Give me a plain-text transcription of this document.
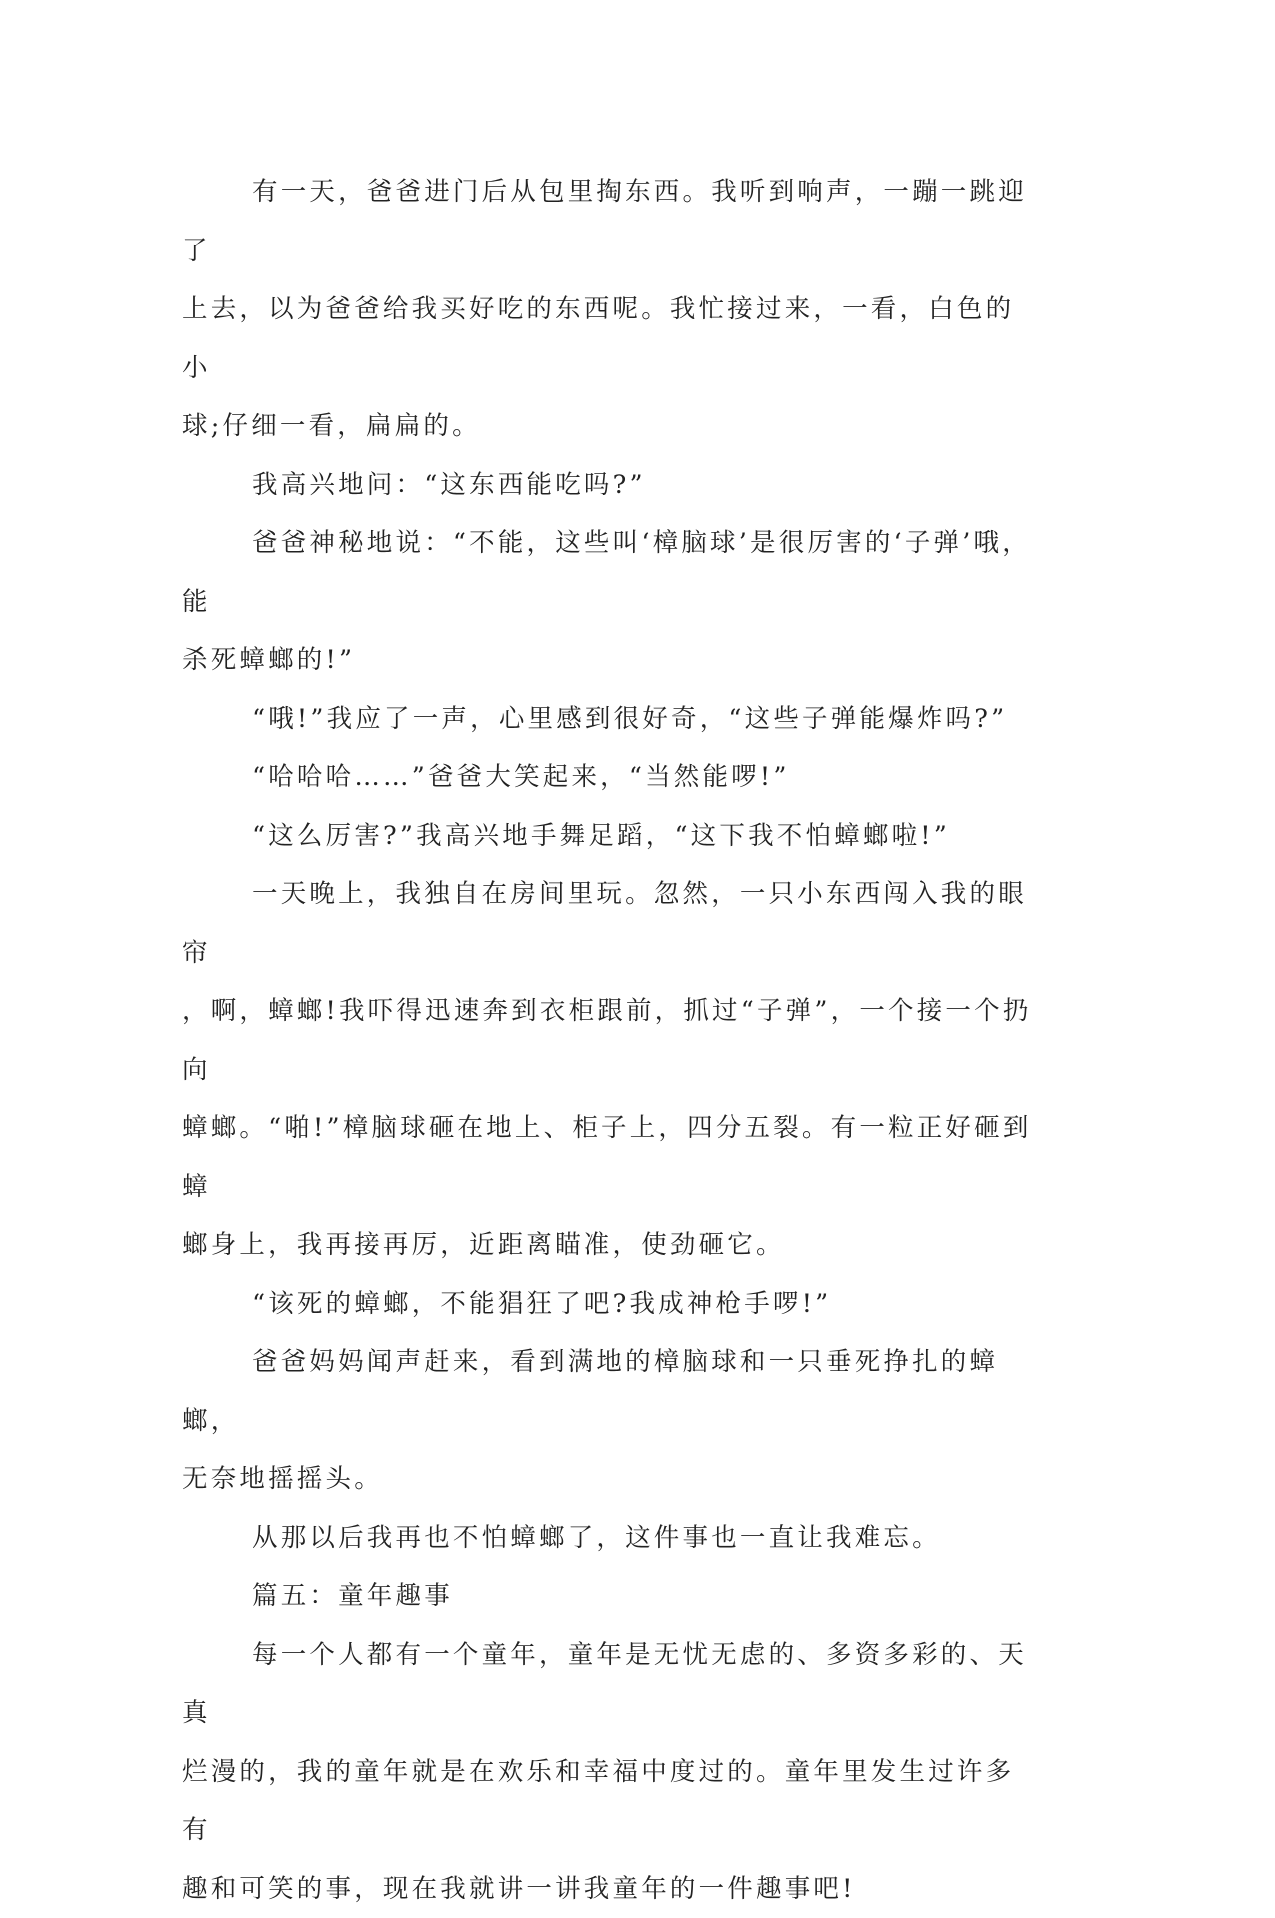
有一天，爸爸进门后从包里掏东西。我听到响声，一蹦一跳迎了
上去，以为爸爸给我买好吃的东西呢。我忙接过来，一看，白色的小
球;仔细一看，扁扁的。

我高兴地问：“这东西能吃吗?”

爸爸神秘地说：“不能，这些叫‘樟脑球’是很厉害的‘子弹’哦，能
杀死蟑螂的!”

“哦!”我应了一声，心里感到很好奇，“这些子弹能爆炸吗?”

“哈哈哈……”爸爸大笑起来，“当然能啰!”

“这么厉害?”我高兴地手舞足蹈，“这下我不怕蟑螂啦!”

一天晚上，我独自在房间里玩。忽然，一只小东西闯入我的眼帘
，啊，蟑螂!我吓得迅速奔到衣柜跟前，抓过“子弹”，一个接一个扔向
蟑螂。“啪!”樟脑球砸在地上、柜子上，四分五裂。有一粒正好砸到蟑
螂身上，我再接再厉，近距离瞄准，使劲砸它。

“该死的蟑螂，不能猖狂了吧?我成神枪手啰!”

爸爸妈妈闻声赶来，看到满地的樟脑球和一只垂死挣扎的蟑螂，
无奈地摇摇头。

从那以后我再也不怕蟑螂了，这件事也一直让我难忘。

篇五：童年趣事

每一个人都有一个童年，童年是无忧无虑的、多资多彩的、天真
烂漫的，我的童年就是在欢乐和幸福中度过的。童年里发生过许多有
趣和可笑的事，现在我就讲一讲我童年的一件趣事吧!
